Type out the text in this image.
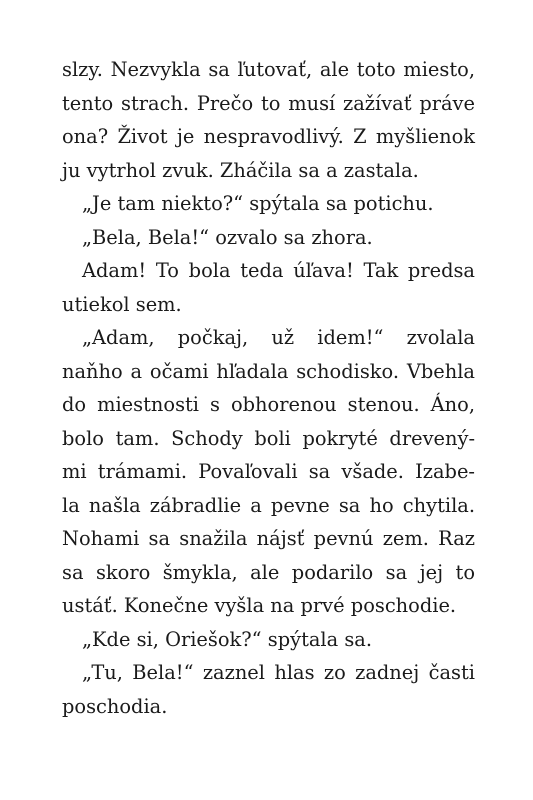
slzy. Nezvykla sa ľutovať, ale toto miesto,
tento strach. Prečo to musí zažívať práve
ona? Život je nespravodlivý. Z myšlienok
ju vytrhol zvuk. Zháčila sa a zastala.
„Je tam niekto?“ spýtala sa potichu.
„Bela, Bela!“ ozvalo sa zhora.
Adam! To bola teda úľava! Tak predsa
utiekol sem.
„Adam, počkaj, už idem!“ zvolala
naňho a očami hľadala schodisko. Vbehla
do miestnosti s obhorenou stenou. Áno,
bolo tam. Schody boli pokryté drevený-
mi trámami. Povaľovali sa všade. Izabe-
la našla zábradlie a pevne sa ho chytila.
Nohami sa snažila nájsť pevnú zem. Raz
sa skoro šmykla, ale podarilo sa jej to
ustáť. Konečne vyšla na prvé poschodie.
„Kde si, Oriešok?“ spýtala sa.
„Tu, Bela!“ zaznel hlas zo zadnej časti
poschodia.
